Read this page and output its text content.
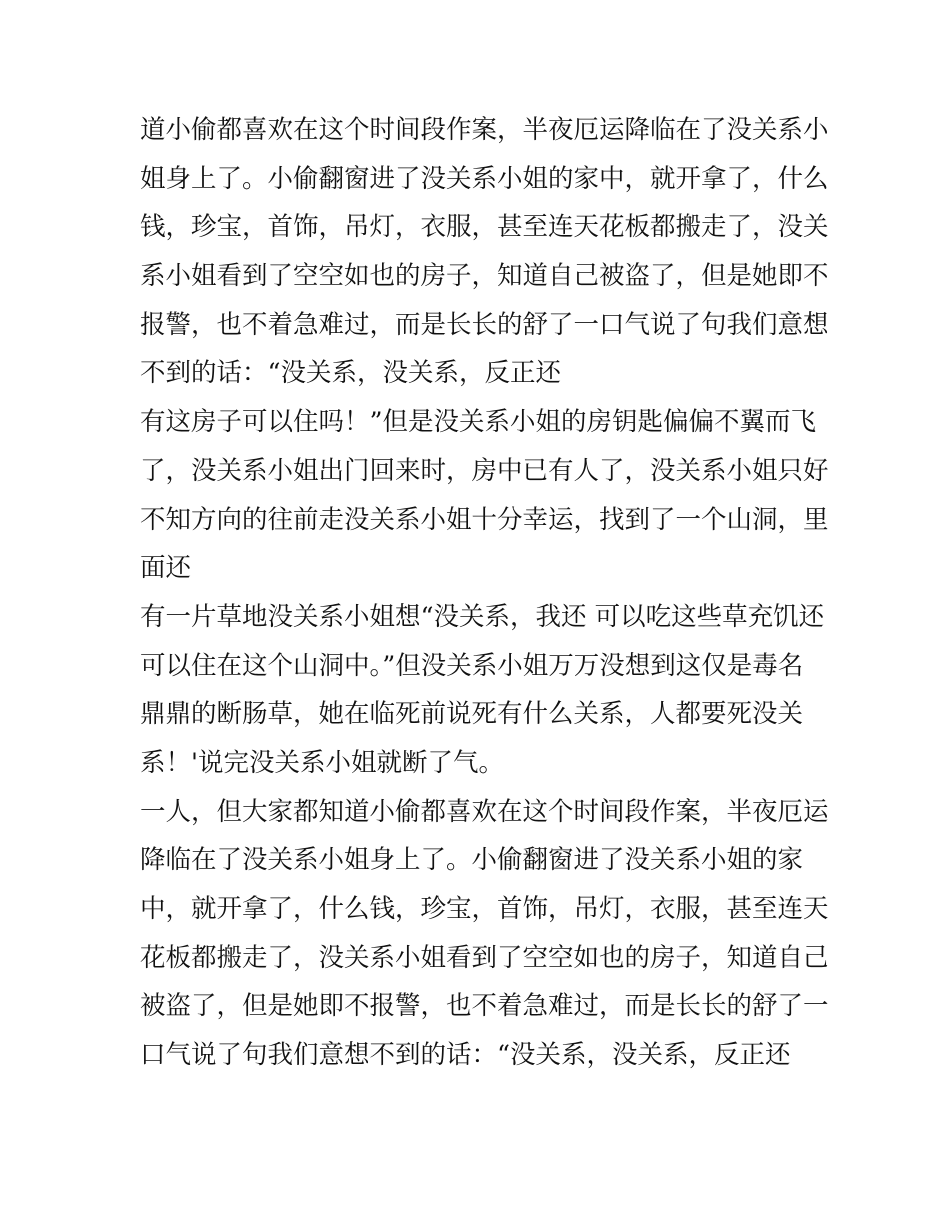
道小偷都喜欢在这个时间段作案，半夜厄运降临在了没关系小
姐身上了。小偷翻窗进了没关系小姐的家中，就开拿了，什么
钱，珍宝，首饰，吊灯，衣服，甚至连天花板都搬走了，没关
系小姐看到了空空如也的房子，知道自己被盗了，但是她即不
报警，也不着急难过，而是长长的舒了一口气说了句我们意想
不到的话：“没关系，没关系，反正还
有这房子可以住吗！”但是没关系小姐的房钥匙偏偏不翼而飞
了，没关系小姐出门回来时，房中已有人了，没关系小姐只好
不知方向的往前走没关系小姐十分幸运，找到了一个山洞，里
面还
有一片草地没关系小姐想“没关系，我还 可以吃这些草充饥还
可以住在这个山洞中。”但没关系小姐万万没想到这仅是毒名
鼎鼎的断肠草，她在临死前说死有什么关系，人都要死没关
系！'说完没关系小姐就断了气。
一人，但大家都知道小偷都喜欢在这个时间段作案，半夜厄运
降临在了没关系小姐身上了。小偷翻窗进了没关系小姐的家
中，就开拿了，什么钱，珍宝，首饰，吊灯，衣服，甚至连天
花板都搬走了，没关系小姐看到了空空如也的房子，知道自己
被盗了，但是她即不报警，也不着急难过，而是长长的舒了一
口气说了句我们意想不到的话：“没关系，没关系，反正还
